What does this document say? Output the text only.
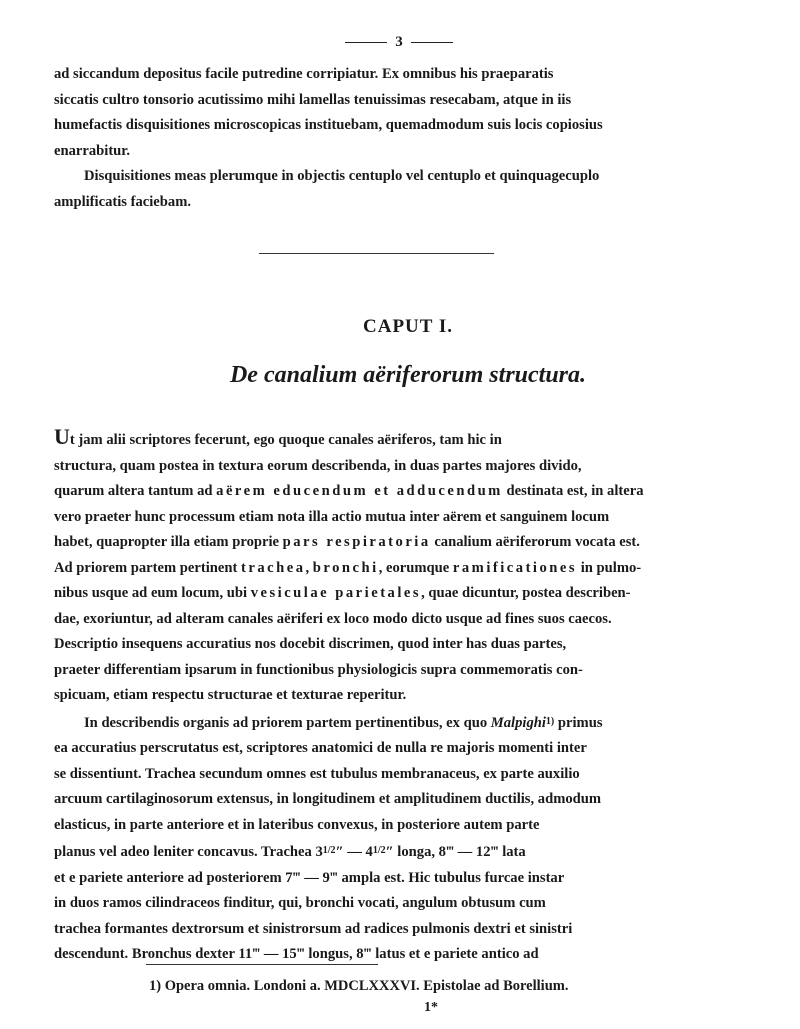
3

ad siccandum depositus facile putredine corripiatur. Ex omnibus his praeparatis

siccatis cultro tonsorio acutissimo mihi lamellas tenuissimas resecabam, atque in iis

humefactis disquisitiones microscopicas instituebam, quemadmodum suis locis copiosius

enarrabitur.

Disquisitiones meas plerumque in objectis centuplo vel centuplo et quinquagecuplo

amplificatis faciebam.

CAPUT I.
De canalium aëriferorum structura.

Ut jam alii scriptores fecerunt, ego quoque canales aëriferos, tam hic in

structura, quam postea in textura eorum describenda, in duas partes majores divido,

quarum altera tantum ad aërem educendum et adducendum destinata est, in altera

vero praeter hunc processum etiam nota illa actio mutua inter aërem et sanguinem locum

habet, quapropter illa etiam proprie pars respiratoria canalium aëriferorum vocata est.

Ad priorem partem pertinent trachea, bronchi, eorumque ramificationes in pulmo-

nibus usque ad eum locum, ubi vesiculae parietales, quae dicuntur, postea describen-

dae, exoriuntur, ad alteram canales aëriferi ex loco modo dicto usque ad fines suos caecos.

Descriptio insequens accuratius nos docebit discrimen, quod inter has duas partes,

praeter differentiam ipsarum in functionibus physiologicis supra commemoratis con-

spicuam, etiam respectu structurae et texturae reperitur.

In describendis organis ad priorem partem pertinentibus, ex quo Malpighi$^{1)}$ primus

ea accuratius perscrutatus est, scriptores anatomici de nulla re majoris momenti inter

se dissentiunt. Trachea secundum omnes est tubulus membranaceus, ex parte auxilio

arcuum cartilaginosorum extensus, in longitudinem et amplitudinem ductilis, admodum

elasticus, in parte anteriore et in lateribus convexus, in posteriore autem parte

planus vel adeo leniter concavus. Trachea $3^{1/2}''$ — $4^{1/2}''$ longa, 8‴ — 12‴ lata

et e pariete anteriore ad posteriorem 7‴ — 9‴ ampla est. Hic tubulus furcae instar

in duos ramos cilindraceos finditur, qui, bronchi vocati, angulum obtusum cum

trachea formantes dextrorsum et sinistrorsum ad radices pulmonis dextri et sinistri

descendunt. Bronchus dexter 11‴ — 15‴ longus, 8‴ latus et e pariete antico ad

1) Opera omnia. Londoni a. MDCLXXXVI. Epistolae ad Borellium.
1*
